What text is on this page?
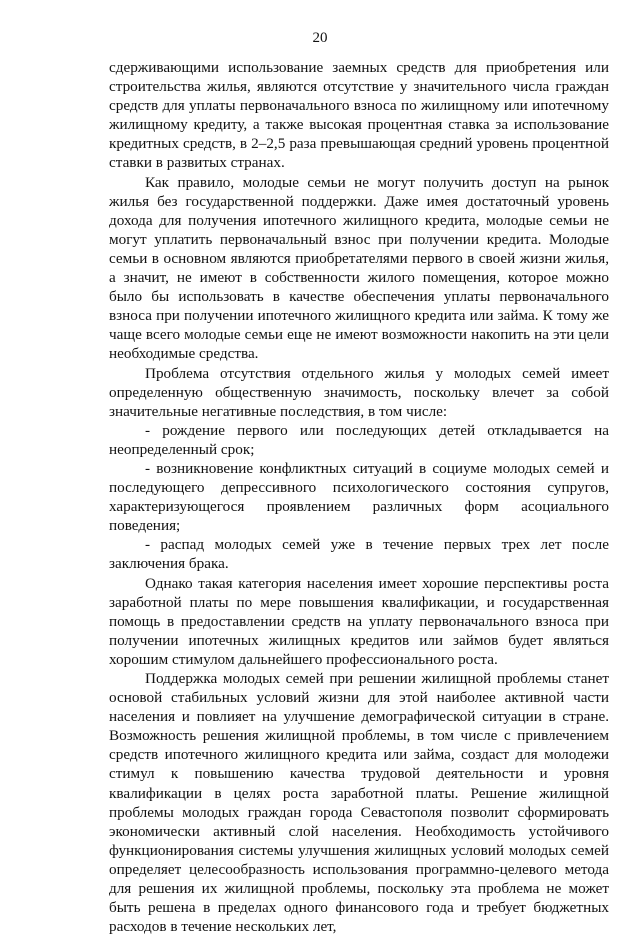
20

сдерживающими использование заемных средств для приобретения или строительства жилья, являются отсутствие у значительного числа граждан средств для уплаты первоначального взноса по жилищному или ипотечному жилищному кредиту, а также высокая процентная ставка за использование кредитных средств, в 2–2,5 раза превышающая средний уровень процентной ставки в развитых странах.

Как правило, молодые семьи не могут получить доступ на рынок жилья без государственной поддержки. Даже имея достаточный уровень дохода для получения ипотечного жилищного кредита, молодые семьи не могут уплатить первоначальный взнос при получении кредита. Молодые семьи в основном являются приобретателями первого в своей жизни жилья, а значит, не имеют в собственности жилого помещения, которое можно было бы использовать в качестве обеспечения уплаты первоначального взноса при получении ипотечного жилищного кредита или займа. К тому же чаще всего молодые семьи еще не имеют возможности накопить на эти цели необходимые средства.

Проблема отсутствия отдельного жилья у молодых семей имеет определенную общественную значимость, поскольку влечет за собой значительные негативные последствия, в том числе:

- рождение первого или последующих детей откладывается на неопределенный срок;

- возникновение конфликтных ситуаций в социуме молодых семей и последующего депрессивного психологического состояния супругов, характеризующегося проявлением различных форм асоциального поведения;

- распад молодых семей уже в течение первых трех лет после заключения брака.

Однако такая категория населения имеет хорошие перспективы роста заработной платы по мере повышения квалификации, и государственная помощь в предоставлении средств на уплату первоначального взноса при получении ипотечных жилищных кредитов или займов будет являться хорошим стимулом дальнейшего профессионального роста.

Поддержка молодых семей при решении жилищной проблемы станет основой стабильных условий жизни для этой наиболее активной части населения и повлияет на улучшение демографической ситуации в стране. Возможность решения жилищной проблемы, в том числе с привлечением средств ипотечного жилищного кредита или займа, создаст для молодежи стимул к повышению качества трудовой деятельности и уровня квалификации в целях роста заработной платы. Решение жилищной проблемы молодых граждан города Севастополя позволит сформировать экономически активный слой населения. Необходимость устойчивого функционирования системы улучшения жилищных условий молодых семей определяет целесообразность использования программно-целевого метода для решения их жилищной проблемы, поскольку эта проблема не может быть решена в пределах одного финансового года и требует бюджетных расходов в течение нескольких лет,
